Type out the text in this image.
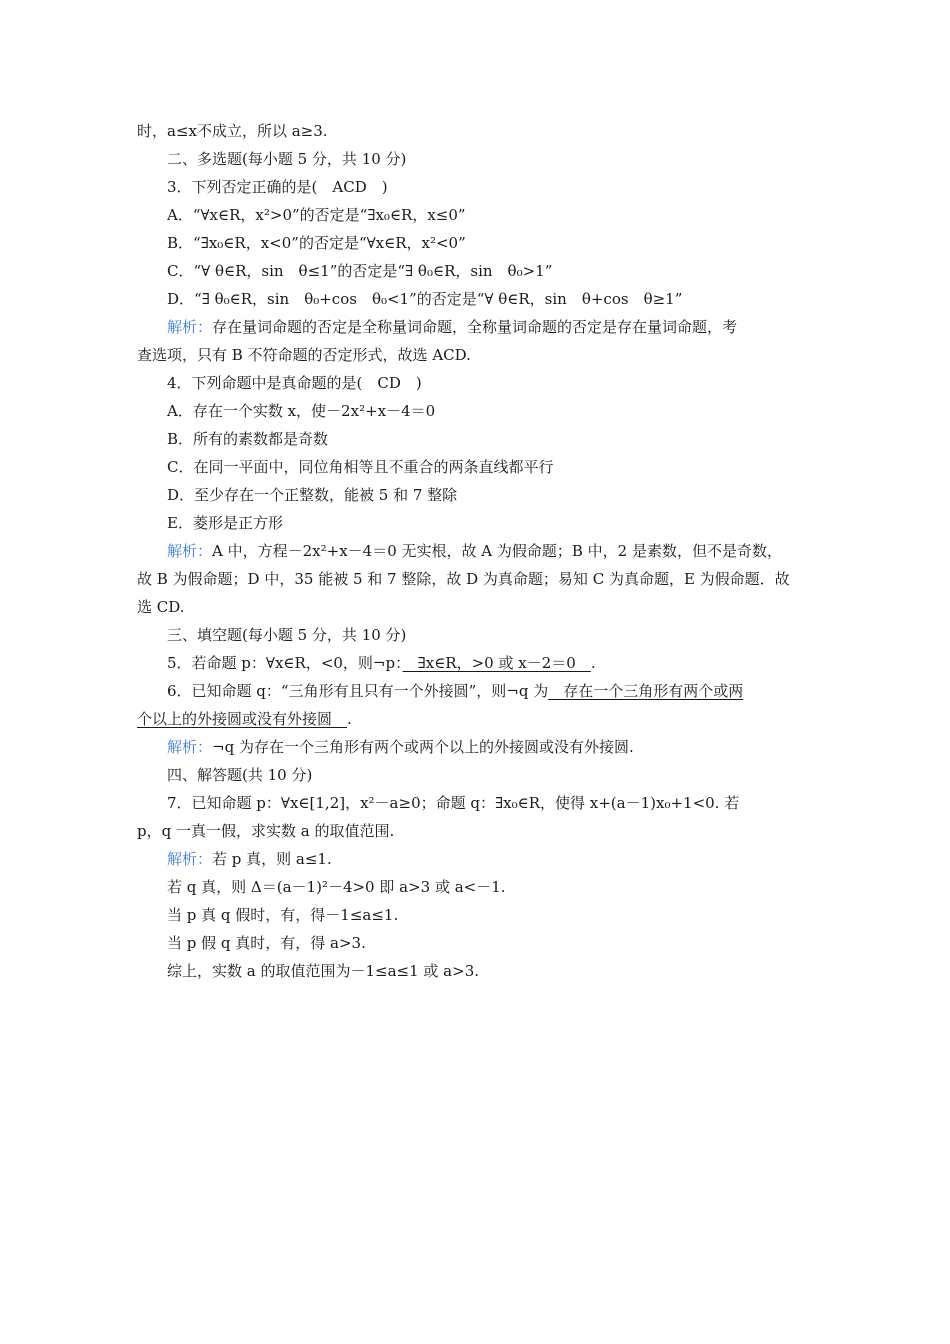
时，a≤x不成立，所以 a≥3.
二、多选题(每小题 5 分，共 10 分)
3．下列否定正确的是(　ACD　)
A．“∀x∈R，x²>0”的否定是“∃x₀∈R，x≤0”
B．“∃x₀∈R，x<0”的否定是“∀x∈R，x²<0”
C．“∀ θ∈R，sin　θ≤1”的否定是“∃ θ₀∈R，sin　θ₀>1”
D．“∃ θ₀∈R，sin　θ₀+cos　θ₀<1”的否定是“∀ θ∈R，sin　θ+cos　θ≥1”
解析：存在量词命题的否定是全称量词命题，全称量词命题的否定是存在量词命题，考
查选项，只有 B 不符命题的否定形式，故选 ACD.
4．下列命题中是真命题的是(　CD　)
A．存在一个实数 x，使－2x²+x－4＝0
B．所有的素数都是奇数
C．在同一平面中，同位角相等且不重合的两条直线都平行
D．至少存在一个正整数，能被 5 和 7 整除
E．菱形是正方形
解析：A 中，方程－2x²+x－4＝0 无实根，故 A 为假命题；B 中，2 是素数，但不是奇数，
故 B 为假命题；D 中，35 能被 5 和 7 整除，故 D 为真命题；易知 C 为真命题，E 为假命题．故
选 CD.
三、填空题(每小题 5 分，共 10 分)
5．若命题 p：∀x∈R，<0，则¬p：　∃x∈R，>0 或 x－2＝0　.
6．已知命题 q：“三角形有且只有一个外接圆”，则¬q 为　存在一个三角形有两个或两
个以上的外接圆或没有外接圆　.
解析：¬q 为存在一个三角形有两个或两个以上的外接圆或没有外接圆.
四、解答题(共 10 分)
7．已知命题 p：∀x∈[1,2]，x²－a≥0；命题 q：∃x₀∈R，使得 x+(a－1)x₀+1<0. 若
p，q 一真一假，求实数 a 的取值范围.
解析：若 p 真，则 a≤1.
若 q 真，则 Δ＝(a－1)²－4>0 即 a>3 或 a<－1.
当 p 真 q 假时，有，得－1≤a≤1.
当 p 假 q 真时，有，得 a>3.
综上，实数 a 的取值范围为－1≤a≤1 或 a>3.
